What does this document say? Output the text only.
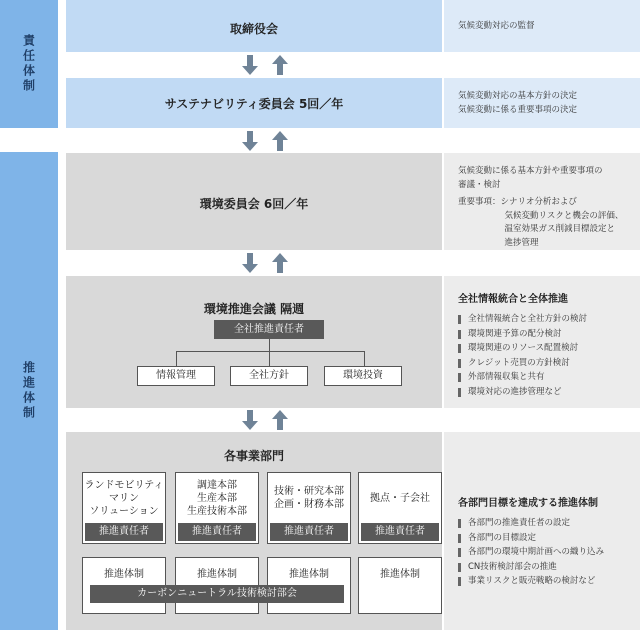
責任体制
推進体制
取締役会	気候変動対応の監督
サステナビリティ委員会 5回／年
気候変動対応の基本方針の決定
気候変動に係る重要事項の決定
環境委員会 6回／年
気候変動に係る基本方針や重要事項の
審議・検討
重要事項： シナリオ分析および
気候変動リスクと機会の評価、
温室効果ガス削減目標設定と
進捗管理
環境推進会議 隔週
全社推進責任者
情報管理	全社方針	環境投資
全社情報統合と全体推進
全社情報統合と全社方針の検討
環境関連予算の配分検討
環境関連のリソース配置検討
クレジット売買の方針検討
外部情報収集と共有
環境対応の進捗管理など
各事業部門
ランドモビリティ
マリン
ソリューション
推進責任者
推進体制
調達本部
生産本部
生産技術本部
推進責任者
推進体制
技術・研究本部
企画・財務本部
推進責任者
推進体制
拠点・子会社
推進責任者
推進体制
カーボンニュートラル技術検討部会
各部門目標を達成する推進体制
各部門の推進責任者の設定
各部門の目標設定
各部門の環境中期計画への織り込み
CN技術検討部会の推進
事業リスクと販売戦略の検討など
